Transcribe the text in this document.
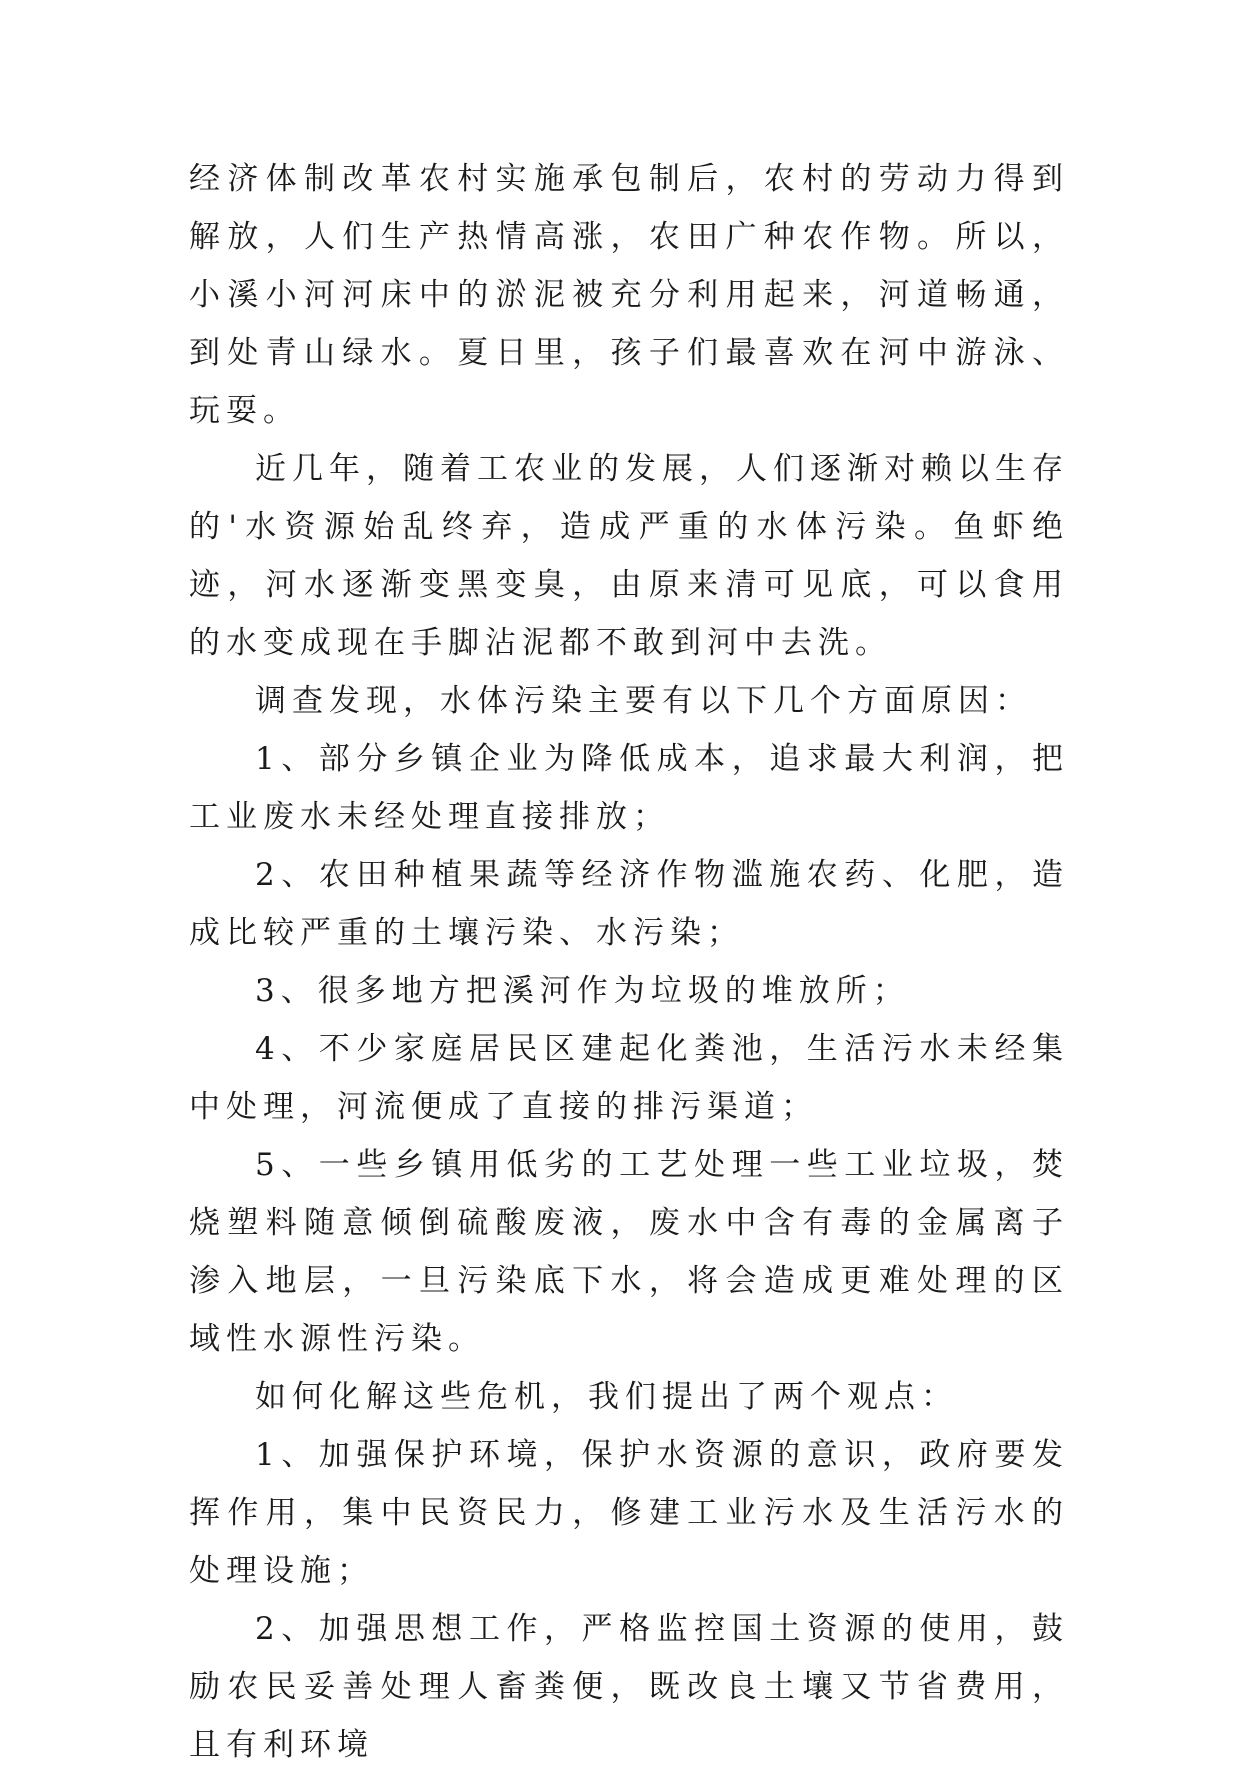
经济体制改革农村实施承包制后，农村的劳动力得到解放，人们生产热情高涨，农田广种农作物。所以，小溪小河河床中的淤泥被充分利用起来，河道畅通，到处青山绿水。夏日里，孩子们最喜欢在河中游泳、玩耍。

近几年，随着工农业的发展，人们逐渐对赖以生存的'水资源始乱终弃，造成严重的水体污染。鱼虾绝迹，河水逐渐变黑变臭，由原来清可见底，可以食用的水变成现在手脚沾泥都不敢到河中去洗。

调查发现，水体污染主要有以下几个方面原因：

1、部分乡镇企业为降低成本，追求最大利润，把工业废水未经处理直接排放；

2、农田种植果蔬等经济作物滥施农药、化肥，造成比较严重的土壤污染、水污染；

3、很多地方把溪河作为垃圾的堆放所；

4、不少家庭居民区建起化粪池，生活污水未经集中处理，河流便成了直接的排污渠道；

5、一些乡镇用低劣的工艺处理一些工业垃圾，焚烧塑料随意倾倒硫酸废液，废水中含有毒的金属离子渗入地层，一旦污染底下水，将会造成更难处理的区域性水源性污染。

如何化解这些危机，我们提出了两个观点：

1、加强保护环境，保护水资源的意识，政府要发挥作用，集中民资民力，修建工业污水及生活污水的处理设施；

2、加强思想工作，严格监控国土资源的使用，鼓励农民妥善处理人畜粪便，既改良土壤又节省费用，且有利环境
